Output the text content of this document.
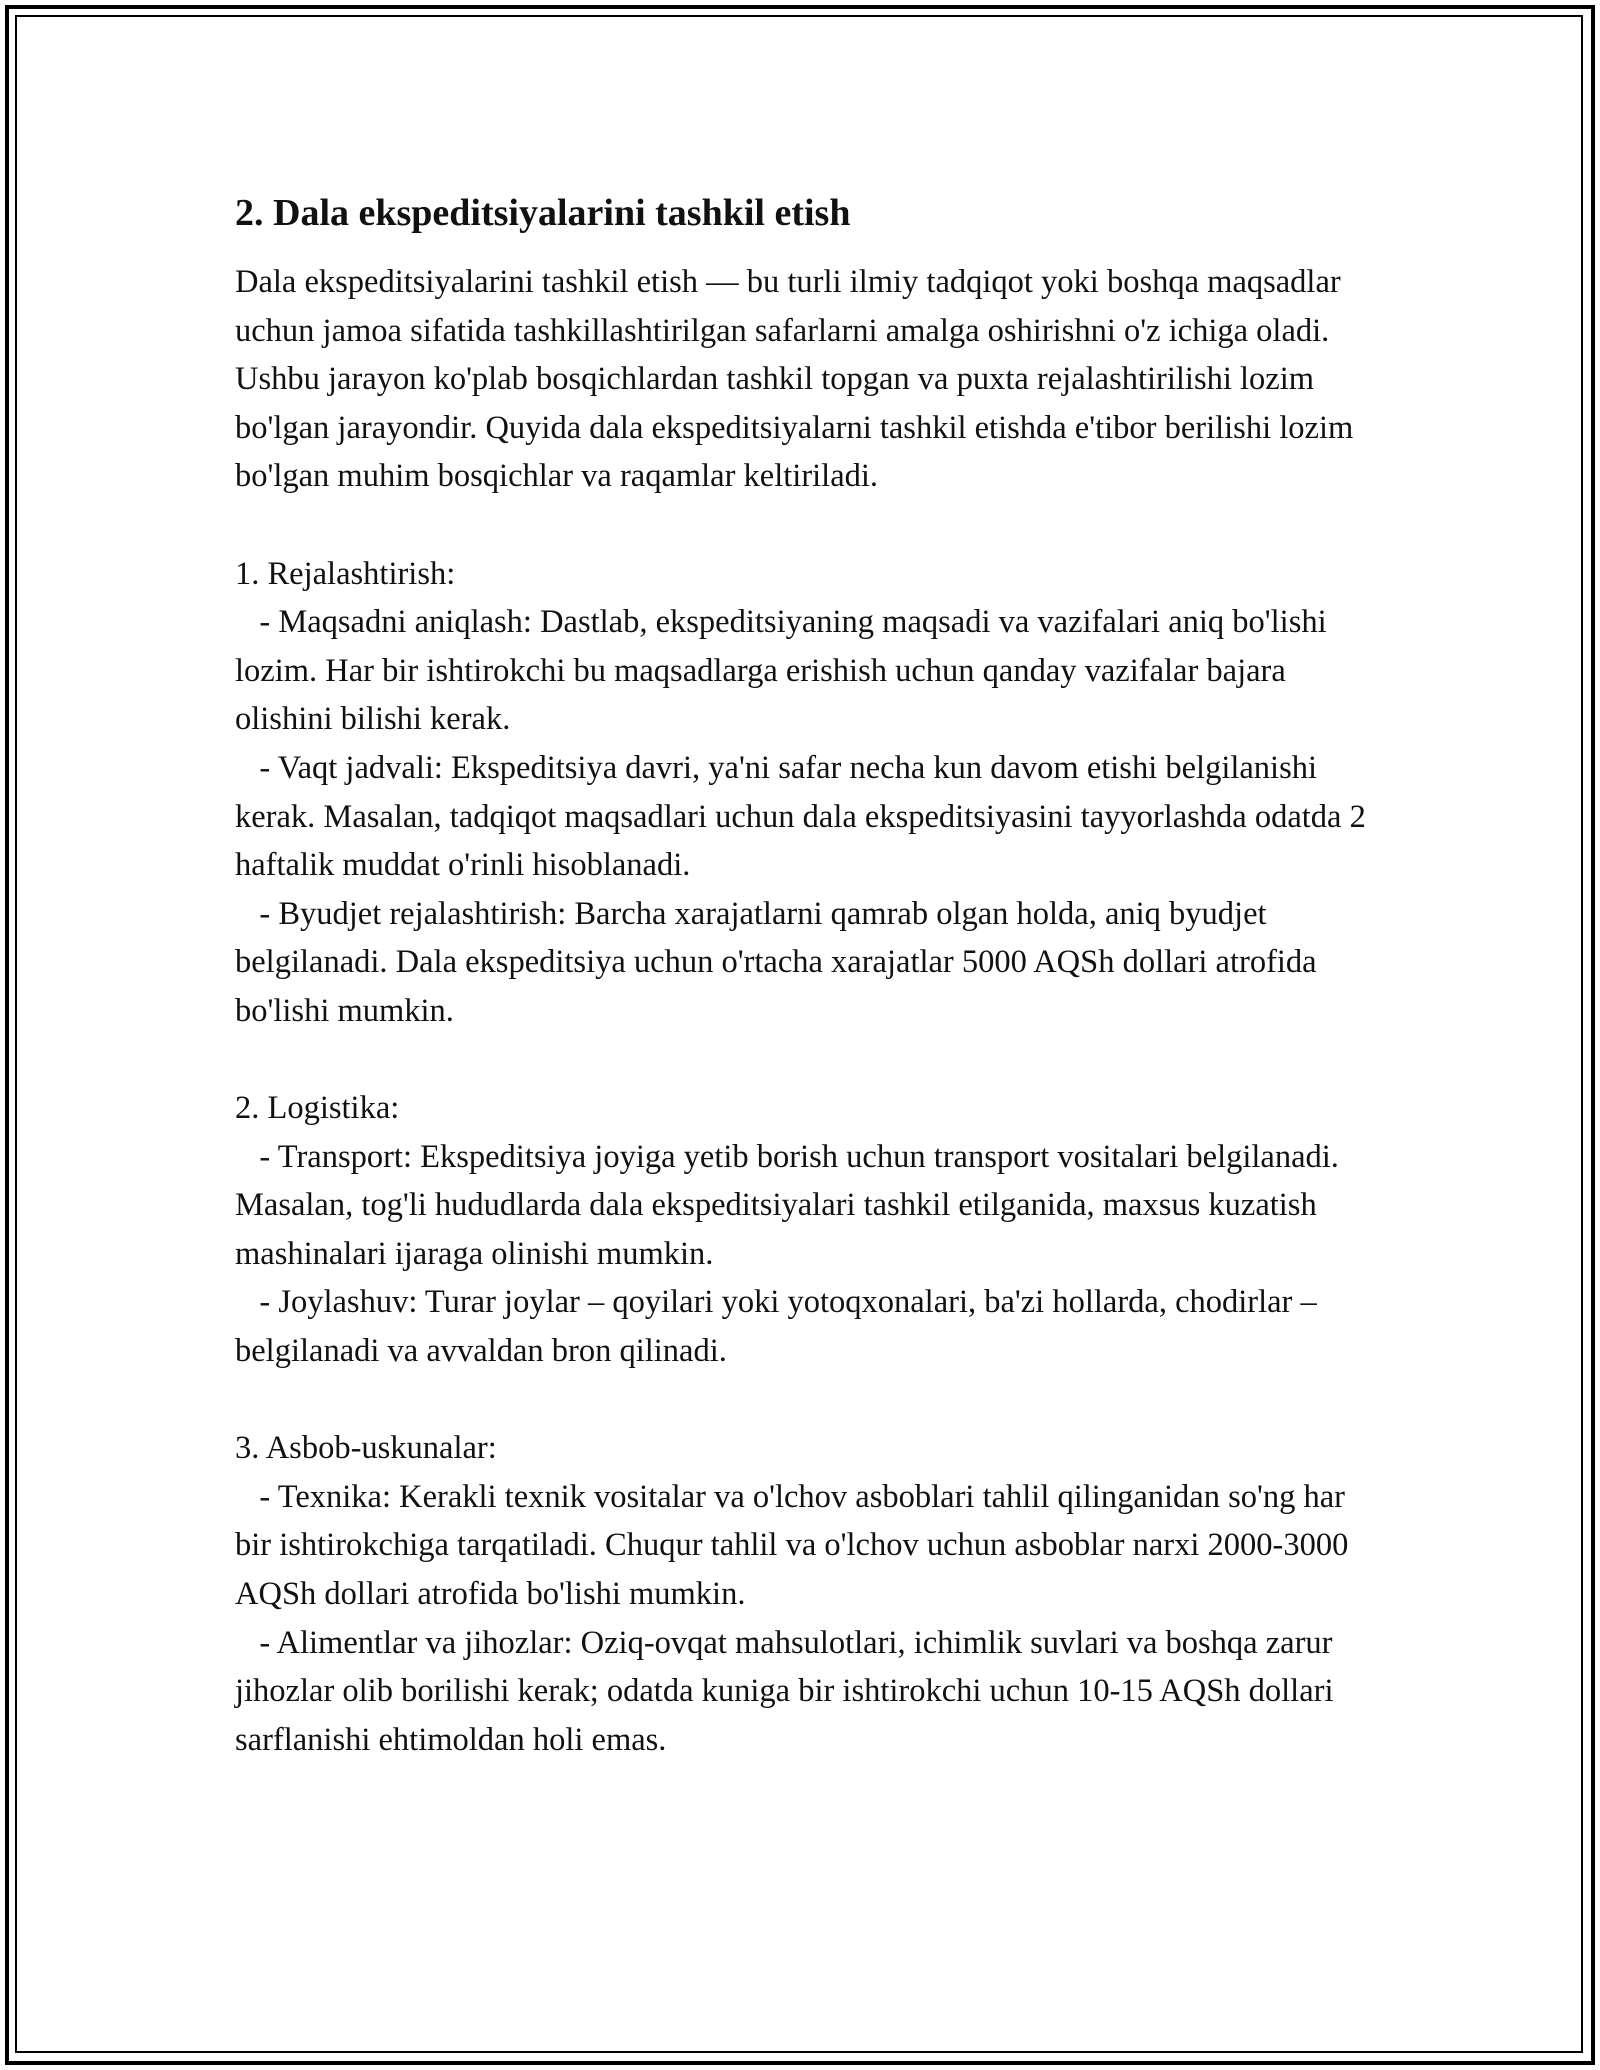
2. Dala ekspeditsiyalarini tashkil etish

Dala ekspeditsiyalarini tashkil etish — bu turli ilmiy tadqiqot yoki boshqa maqsadlar uchun jamoa sifatida tashkillashtirilgan safarlarni amalga oshirishni o'z ichiga oladi. Ushbu jarayon ko'plab bosqichlardan tashkil topgan va puxta rejalashtirilishi lozim bo'lgan jarayondir. Quyida dala ekspeditsiyalarni tashkil etishda e'tibor berilishi lozim bo'lgan muhim bosqichlar va raqamlar keltiriladi.

1. Rejalashtirish:

- Maqsadni aniqlash: Dastlab, ekspeditsiyaning maqsadi va vazifalari aniq bo'lishi lozim. Har bir ishtirokchi bu maqsadlarga erishish uchun qanday vazifalar bajara olishini bilishi kerak.

- Vaqt jadvali: Ekspeditsiya davri, ya'ni safar necha kun davom etishi belgilanishi kerak. Masalan, tadqiqot maqsadlari uchun dala ekspeditsiyasini tayyorlashda odatda 2 haftalik muddat o'rinli hisoblanadi.

- Byudjet rejalashtirish: Barcha xarajatlarni qamrab olgan holda, aniq byudjet belgilanadi. Dala ekspeditsiya uchun o'rtacha xarajatlar 5000 AQSh dollari atrofida bo'lishi mumkin.

2. Logistika:

- Transport: Ekspeditsiya joyiga yetib borish uchun transport vositalari belgilanadi. Masalan, tog'li hududlarda dala ekspeditsiyalari tashkil etilganida, maxsus kuzatish mashinalari ijaraga olinishi mumkin.

- Joylashuv: Turar joylar – qoyilari yoki yotoqxonalari, ba'zi hollarda, chodirlar – belgilanadi va avvaldan bron qilinadi.

3. Asbob-uskunalar:

- Texnika: Kerakli texnik vositalar va o'lchov asboblari tahlil qilinganidan so'ng har bir ishtirokchiga tarqatiladi. Chuqur tahlil va o'lchov uchun asboblar narxi 2000-3000 AQSh dollari atrofida bo'lishi mumkin.

- Alimentlar va jihozlar: Oziq-ovqat mahsulotlari, ichimlik suvlari va boshqa zarur jihozlar olib borilishi kerak; odatda kuniga bir ishtirokchi uchun 10-15 AQSh dollari sarflanishi ehtimoldan holi emas.
